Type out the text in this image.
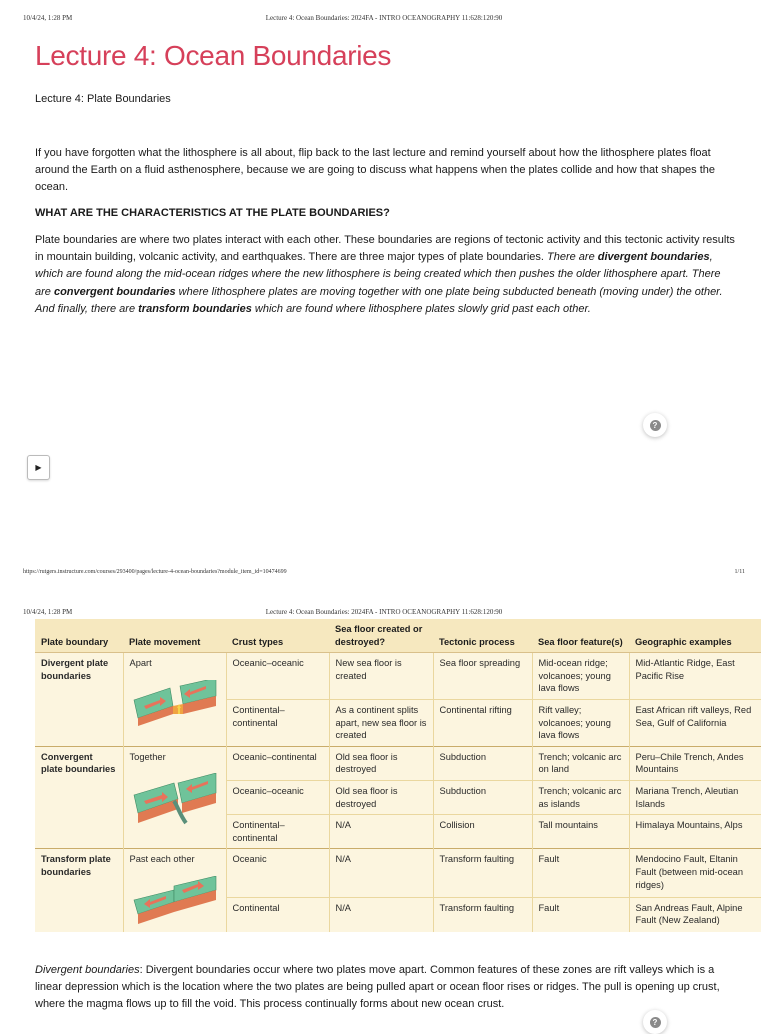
10/4/24, 1:28 PM	Lecture 4: Ocean Boundaries: 2024FA - INTRO OCEANOGRAPHY 11:628:120:90
Lecture 4: Ocean Boundaries
Lecture 4: Plate Boundaries

If you have forgotten what the lithosphere is all about, flip back to the last lecture and remind yourself about how the lithosphere plates float around the Earth on a fluid asthenosphere, because we are going to discuss what happens when the plates collide and how that shapes the ocean.

WHAT ARE THE CHARACTERISTICS AT THE PLATE BOUNDARIES?

Plate boundaries are where two plates interact with each other. These boundaries are regions of tectonic activity and this tectonic activity results in mountain building, volcanic activity, and earthquakes. There are three major types of plate boundaries. There are divergent boundaries, which are found along the mid-ocean ridges where the new lithosphere is being created which then pushes the older lithosphere apart. There are convergent boundaries where lithosphere plates are moving together with one plate being subducted beneath (moving under) the other. And finally, there are transform boundaries which are found where lithosphere plates slowly grid past each other.

?
▶
https://rutgers.instructure.com/courses/293400/pages/lecture-4-ocean-boundaries?module_item_id=10474699	1/11
10/4/24, 1:28 PM	Lecture 4: Ocean Boundaries: 2024FA - INTRO OCEANOGRAPHY 11:628:120:90
Plate boundary	Plate movement	Crust types	Sea floor created or destroyed?	Tectonic process	Sea floor feature(s)	Geographic examples
Divergent plate boundaries	Apart	Oceanic–oceanic	New sea floor is created	Sea floor spreading	Mid-ocean ridge; volcanoes; young lava flows	Mid-Atlantic Ridge, East Pacific Rise
		Continental–continental	As a continent splits apart, new sea floor is created	Continental rifting	Rift valley; volcanoes; young lava flows	East African rift valleys, Red Sea, Gulf of California
Convergent plate boundaries	Together	Oceanic–continental	Old sea floor is destroyed	Subduction	Trench; volcanic arc on land	Peru–Chile Trench, Andes Mountains
		Oceanic–oceanic	Old sea floor is destroyed	Subduction	Trench; volcanic arc as islands	Mariana Trench, Aleutian Islands
		Continental–continental	N/A	Collision	Tall mountains	Himalaya Mountains, Alps
Transform plate boundaries	Past each other	Oceanic	N/A	Transform faulting	Fault	Mendocino Fault, Eltanin Fault (between mid-ocean ridges)
		Continental	N/A	Transform faulting	Fault	San Andreas Fault, Alpine Fault (New Zealand)

Divergent boundaries: Divergent boundaries occur where two plates move apart. Common features of these zones are rift valleys which is a linear depression which is the location where the two plates are being pulled apart or ocean floor rises or ridges. The pull is opening up crust, where the magma flows up to fill the void. This process continually forms about new ocean crust.

?
